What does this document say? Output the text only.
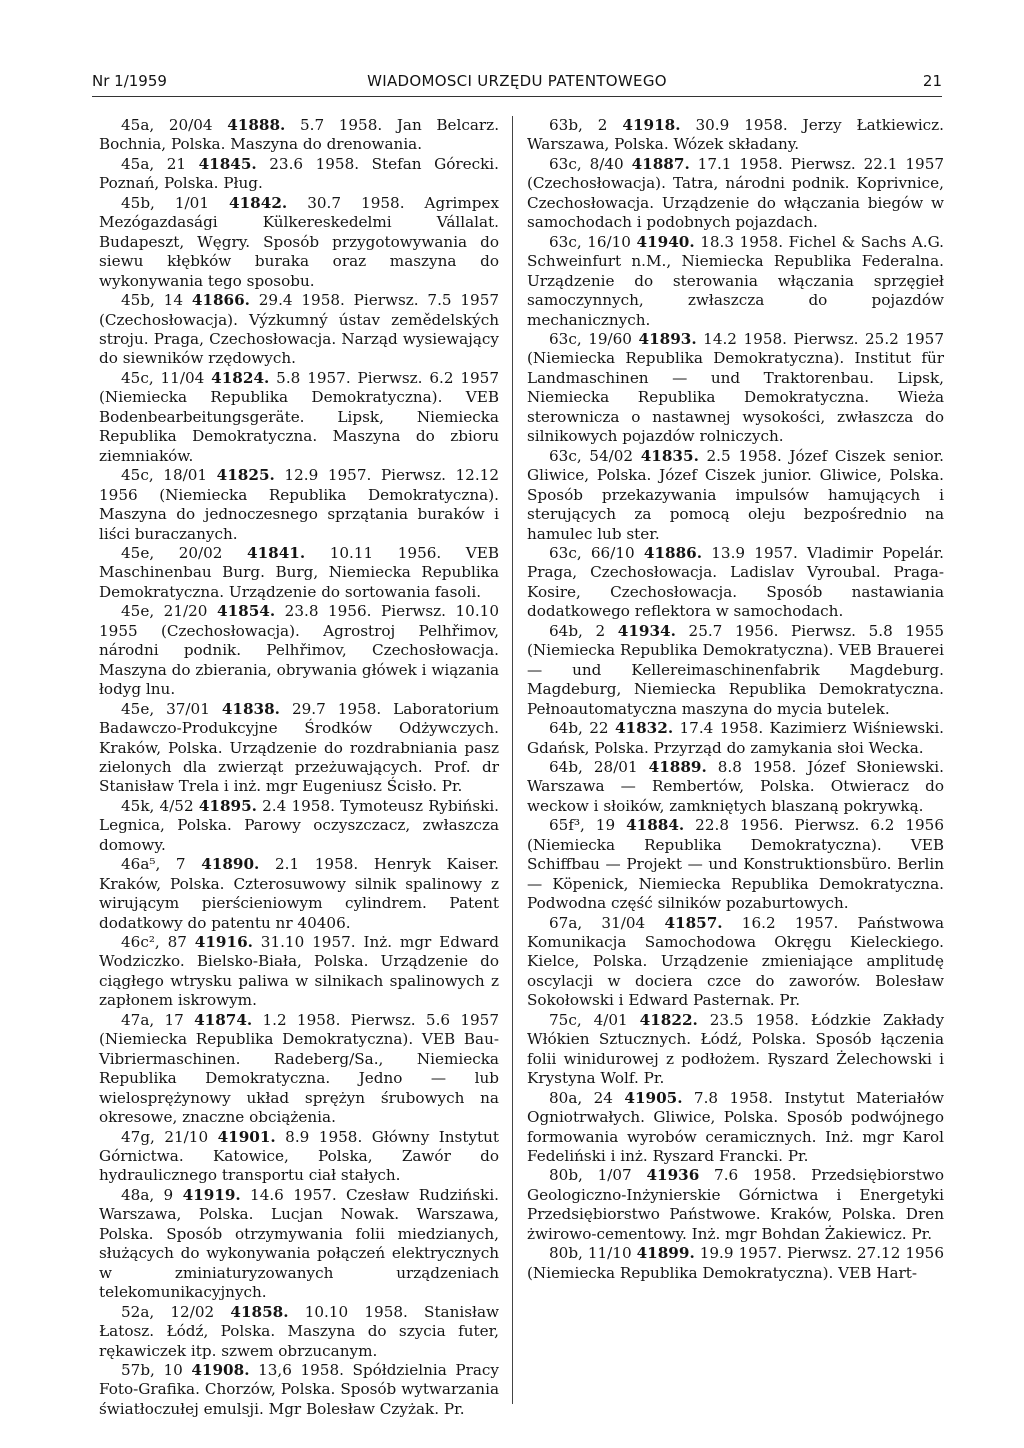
Nr 1/1959	WIADOMOSCI URZĘDU PATENTOWEGO	21

45a, 20/04 41888. 5.7 1958. Jan Belcarz. Bochnia, Polska. Maszyna do drenowania.

45a, 21 41845. 23.6 1958. Stefan Górecki. Poznań, Polska. Pług.

45b, 1/01 41842. 30.7 1958. Agrimpex Mezógazdasági Külkereskedelmi Vállalat. Budapeszt, Węgry. Sposób przygotowywania do siewu kłębków buraka oraz maszyna do wykonywania tego sposobu.

45b, 14 41866. 29.4 1958. Pierwsz. 7.5 1957 (Czechosłowacja). Výzkumný ústav zemědelských stroju. Praga, Czechosłowacja. Narząd wysiewający do siewników rzędowych.

45c, 11/04 41824. 5.8 1957. Pierwsz. 6.2 1957 (Niemiecka Republika Demokratyczna). VEB Bodenbearbeitungsgeräte. Lipsk, Niemiecka Republika Demokratyczna. Maszyna do zbioru ziemniaków.

45c, 18/01 41825. 12.9 1957. Pierwsz. 12.12 1956 (Niemiecka Republika Demokratyczna). Maszyna do jednoczesnego sprzątania buraków i liści buraczanych.

45e, 20/02 41841. 10.11 1956. VEB Maschinenbau Burg. Burg, Niemiecka Republika Demokratyczna. Urządzenie do sortowania fasoli.

45e, 21/20 41854. 23.8 1956. Pierwsz. 10.10 1955 (Czechosłowacja). Agrostroj Pelhřimov, národni podnik. Pelhřimov, Czechosłowacja. Maszyna do zbierania, obrywania główek i wiązania łodyg lnu.

45e, 37/01 41838. 29.7 1958. Laboratorium Badawczo-Produkcyjne Środków Odżywczych. Kraków, Polska. Urządzenie do rozdrabniania pasz zielonych dla zwierząt przeżuwających. Prof. dr Stanisław Trela i inż. mgr Eugeniusz Ścisło. Pr.

45k, 4/52 41895. 2.4 1958. Tymoteusz Rybiński. Legnica, Polska. Parowy oczyszczacz, zwłaszcza domowy.

46a⁵, 7 41890. 2.1 1958. Henryk Kaiser. Kraków, Polska. Czterosuwowy silnik spalinowy z wirującym pierścieniowym cylindrem. Patent dodatkowy do patentu nr 40406.

46c², 87 41916. 31.10 1957. Inż. mgr Edward Wodziczko. Bielsko-Biała, Polska. Urządzenie do ciągłego wtrysku paliwa w silnikach spalinowych z zapłonem iskrowym.

47a, 17 41874. 1.2 1958. Pierwsz. 5.6 1957 (Niemiecka Republika Demokratyczna). VEB Bau-Vibriermaschinen. Radeberg/Sa., Niemiecka Republika Demokratyczna. Jedno — lub wielosprężynowy układ sprężyn śrubowych na okresowe, znaczne obciążenia.

47g, 21/10 41901. 8.9 1958. Główny Instytut Górnictwa. Katowice, Polska, Zawór do hydraulicznego transportu ciał stałych.

48a, 9 41919. 14.6 1957. Czesław Rudziński. Warszawa, Polska. Lucjan Nowak. Warszawa, Polska. Sposób otrzymywania folii miedzianych, służących do wykonywania połączeń elektrycznych w zminiaturyzowanych urządzeniach telekomunikacyjnych.

52a, 12/02 41858. 10.10 1958. Stanisław Łatosz. Łódź, Polska. Maszyna do szycia futer, rękawiczek itp. szwem obrzucanym.

57b, 10 41908. 13,6 1958. Spółdzielnia Pracy Foto-Grafika. Chorzów, Polska. Sposób wytwarzania światłoczułej emulsji. Mgr Bolesław Czyżak. Pr.

63b, 2 41918. 30.9 1958. Jerzy Łatkiewicz. Warszawa, Polska. Wózek składany.

63c, 8/40 41887. 17.1 1958. Pierwsz. 22.1 1957 (Czechosłowacja). Tatra, národni podnik. Koprivnice, Czechosłowacja. Urządzenie do włączania biegów w samochodach i podobnych pojazdach.

63c, 16/10 41940. 18.3 1958. Fichel & Sachs A.G. Schweinfurt n.M., Niemiecka Republika Federalna. Urządzenie do sterowania włączania sprzęgieł samoczynnych, zwłaszcza do pojazdów mechanicznych.

63c, 19/60 41893. 14.2 1958. Pierwsz. 25.2 1957 (Niemiecka Republika Demokratyczna). Institut für Landmaschinen — und Traktorenbau. Lipsk, Niemiecka Republika Demokratyczna. Wieża sterownicza o nastawnej wysokości, zwłaszcza do silnikowych pojazdów rolniczych.

63c, 54/02 41835. 2.5 1958. Józef Ciszek senior. Gliwice, Polska. Józef Ciszek junior. Gliwice, Polska. Sposób przekazywania impulsów hamujących i sterujących za pomocą oleju bezpośrednio na hamulec lub ster.

63c, 66/10 41886. 13.9 1957. Vladimir Popelár. Praga, Czechosłowacja. Ladislav Vyroubal. Praga-Kosire, Czechosłowacja. Sposób nastawiania dodatkowego reflektora w samochodach.

64b, 2 41934. 25.7 1956. Pierwsz. 5.8 1955 (Niemiecka Republika Demokratyczna). VEB Brauerei — und Kellereimaschinenfabrik Magdeburg. Magdeburg, Niemiecka Republika Demokratyczna. Pełnoautomatyczna maszyna do mycia butelek.

64b, 22 41832. 17.4 1958. Kazimierz Wiśniewski. Gdańsk, Polska. Przyrząd do zamykania słoi Wecka.

64b, 28/01 41889. 8.8 1958. Józef Słoniewski. Warszawa — Rembertów, Polska. Otwieracz do weckow i słoików, zamkniętych blaszaną pokrywką.

65f³, 19 41884. 22.8 1956. Pierwsz. 6.2 1956 (Niemiecka Republika Demokratyczna). VEB Schiffbau — Projekt — und Konstruktionsbüro. Berlin — Köpenick, Niemiecka Republika Demokratyczna. Podwodna część silników pozaburtowych.

67a, 31/04 41857. 16.2 1957. Państwowa Komunikacja Samochodowa Okręgu Kieleckiego. Kielce, Polska. Urządzenie zmieniające amplitudę oscylacji w dociera czce do zaworów. Bolesław Sokołowski i Edward Pasternak. Pr.

75c, 4/01 41822. 23.5 1958. Łódzkie Zakłady Włókien Sztucznych. Łódź, Polska. Sposób łączenia folii winidurowej z podłożem. Ryszard Żelechowski i Krystyna Wolf. Pr.

80a, 24 41905. 7.8 1958. Instytut Materiałów Ogniotrwałych. Gliwice, Polska. Sposób podwójnego formowania wyrobów ceramicznych. Inż. mgr Karol Fedeliński i inż. Ryszard Francki. Pr.

80b, 1/07 41936 7.6 1958. Przedsiębiorstwo Geologiczno-Inżynierskie Górnictwa i Energetyki Przedsiębiorstwo Państwowe. Kraków, Polska. Dren żwirowo-cementowy. Inż. mgr Bohdan Żakiewicz. Pr.

80b, 11/10 41899. 19.9 1957. Pierwsz. 27.12 1956 (Niemiecka Republika Demokratyczna). VEB Hart-
